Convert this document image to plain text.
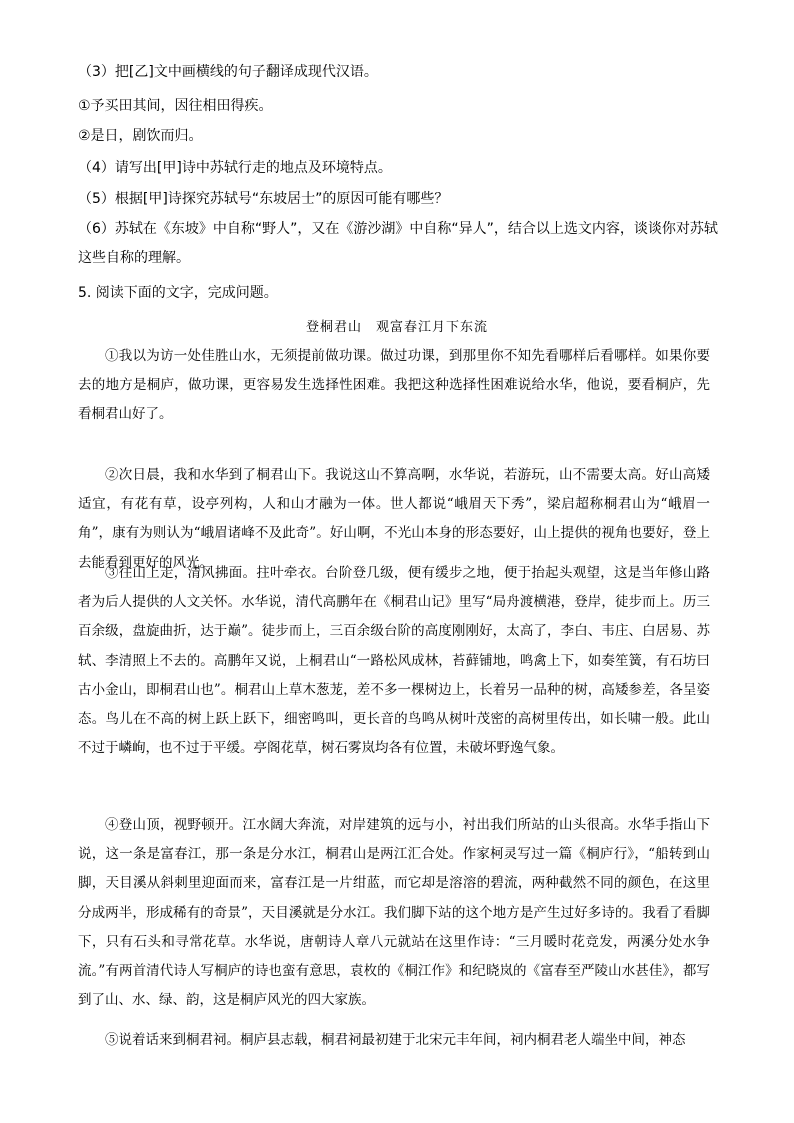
（3）把[乙]文中画横线的句子翻译成现代汉语。
①予买田其间，因往相田得疾。
②是日，剧饮而归。
（4）请写出[甲]诗中苏轼行走的地点及环境特点。
（5）根据[甲]诗探究苏轼号“东坡居士”的原因可能有哪些？
（6）苏轼在《东坡》中自称“野人”，又在《游沙湖》中自称“异人”，结合以上选文内容，谈谈你对苏轼这些自称的理解。
5. 阅读下面的文字，完成问题。
登桐君山　观富春江月下东流

①我以为访一处佳胜山水，无须提前做功课。做过功课，到那里你不知先看哪样后看哪样。如果你要去的地方是桐庐，做功课，更容易发生选择性困难。我把这种选择性困难说给水华，他说，要看桐庐，先看桐君山好了。

②次日晨，我和水华到了桐君山下。我说这山不算高啊，水华说，若游玩，山不需要太高。好山高矮适宜，有花有草，设亭列构，人和山才融为一体。世人都说“峨眉天下秀”，梁启超称桐君山为“峨眉一角”，康有为则认为“峨眉诸峰不及此奇”。好山啊，不光山本身的形态要好，山上提供的视角也要好，登上去能看到更好的风光。

③往山上走，清风拂面。拄叶牵衣。台阶登几级，便有缓步之地，便于抬起头观望，这是当年修山路者为后人提供的人文关怀。水华说，清代高鹏年在《桐君山记》里写“局舟渡横港，登岸，徒步而上。历三百余级，盘旋曲折，达于巅”。徒步而上，三百余级台阶的高度刚刚好，太高了，李白、韦庄、白居易、苏轼、李清照上不去的。高鹏年又说，上桐君山“一路松风成林，苔藓铺地，鸣禽上下，如奏笙簧，有石坊曰古小金山，即桐君山也”。桐君山上草木葱茏，差不多一棵树边上，长着另一品种的树，高矮参差，各呈姿态。鸟儿在不高的树上跃上跃下，细密鸣叫，更长音的鸟鸣从树叶茂密的高树里传出，如长啸一般。此山不过于嶙峋，也不过于平缓。亭阁花草，树石雾岚均各有位置，未破坏野逸气象。

④登山顶，视野顿开。江水阔大奔流，对岸建筑的远与小，衬出我们所站的山头很高。水华手指山下说，这一条是富春江，那一条是分水江，桐君山是两江汇合处。作家柯灵写过一篇《桐庐行》，“船转到山脚，天目溪从斜刺里迎面而来，富春江是一片绀蓝，而它却是溶溶的碧流，两种截然不同的颜色，在这里分成两半，形成稀有的奇景”，天目溪就是分水江。我们脚下站的这个地方是产生过好多诗的。我看了看脚下，只有石头和寻常花草。水华说，唐朝诗人章八元就站在这里作诗：“三月暖时花竞发，两溪分处水争流。”有两首清代诗人写桐庐的诗也蛮有意思，袁枚的《桐江作》和纪晓岚的《富春至严陵山水甚佳》，都写到了山、水、绿、韵，这是桐庐风光的四大家族。

⑤说着话来到桐君祠。桐庐县志载，桐君祠最初建于北宋元丰年间，祠内桐君老人端坐中间，神态
